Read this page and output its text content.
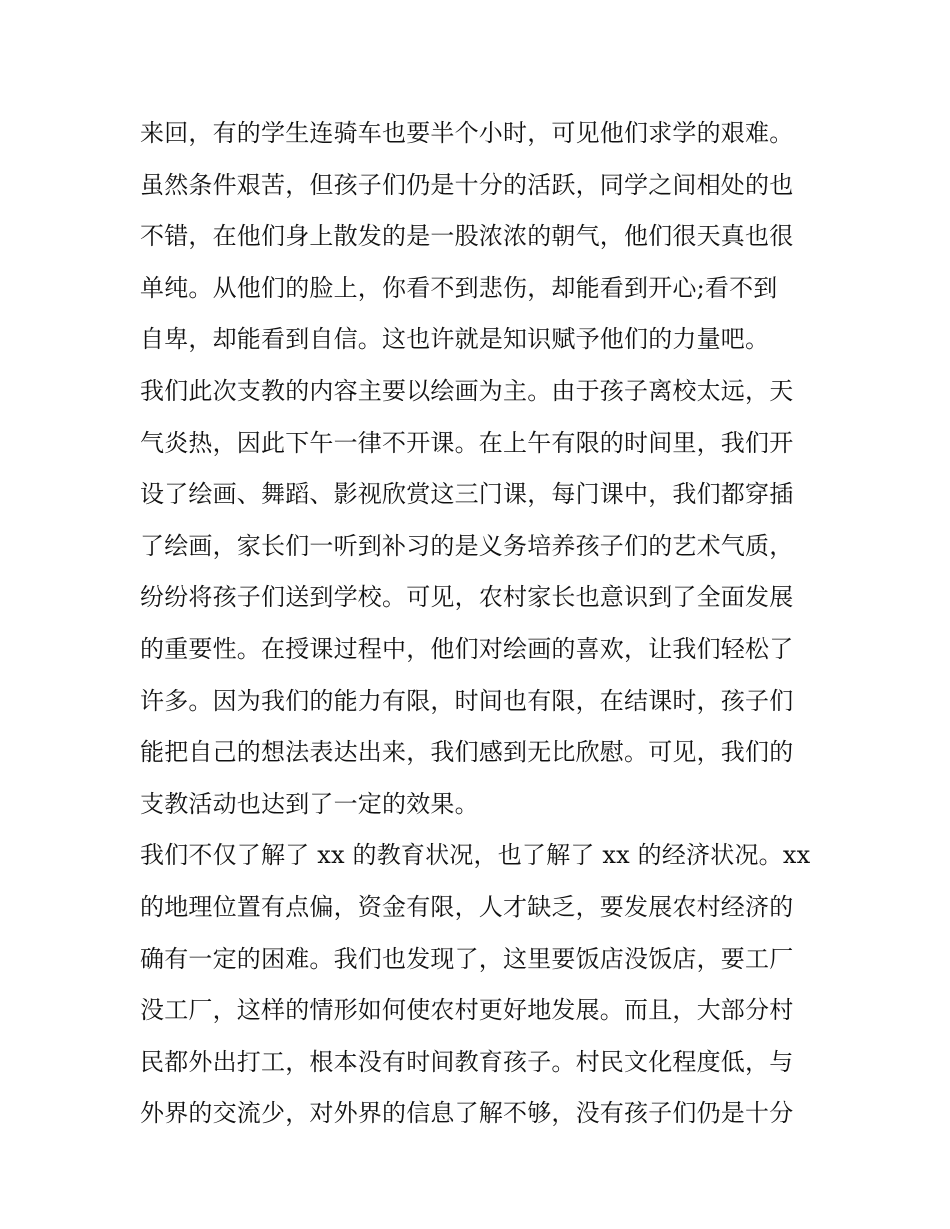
来回，有的学生连骑车也要半个小时，可见他们求学的艰难。
虽然条件艰苦，但孩子们仍是十分的活跃，同学之间相处的也
不错，在他们身上散发的是一股浓浓的朝气，他们很天真也很
单纯。从他们的脸上，你看不到悲伤，却能看到开心;看不到
自卑，却能看到自信。这也许就是知识赋予他们的力量吧。
我们此次支教的内容主要以绘画为主。由于孩子离校太远，天
气炎热，因此下午一律不开课。在上午有限的时间里，我们开
设了绘画、舞蹈、影视欣赏这三门课，每门课中，我们都穿插
了绘画，家长们一听到补习的是义务培养孩子们的艺术气质，
纷纷将孩子们送到学校。可见，农村家长也意识到了全面发展
的重要性。在授课过程中，他们对绘画的喜欢，让我们轻松了
许多。因为我们的能力有限，时间也有限，在结课时，孩子们
能把自己的想法表达出来，我们感到无比欣慰。可见，我们的
支教活动也达到了一定的效果。
我们不仅了解了 xx 的教育状况，也了解了 xx 的经济状况。xx
的地理位置有点偏，资金有限，人才缺乏，要发展农村经济的
确有一定的困难。我们也发现了，这里要饭店没饭店，要工厂
没工厂，这样的情形如何使农村更好地发展。而且，大部分村
民都外出打工，根本没有时间教育孩子。村民文化程度低，与
外界的交流少，对外界的信息了解不够，没有孩子们仍是十分
